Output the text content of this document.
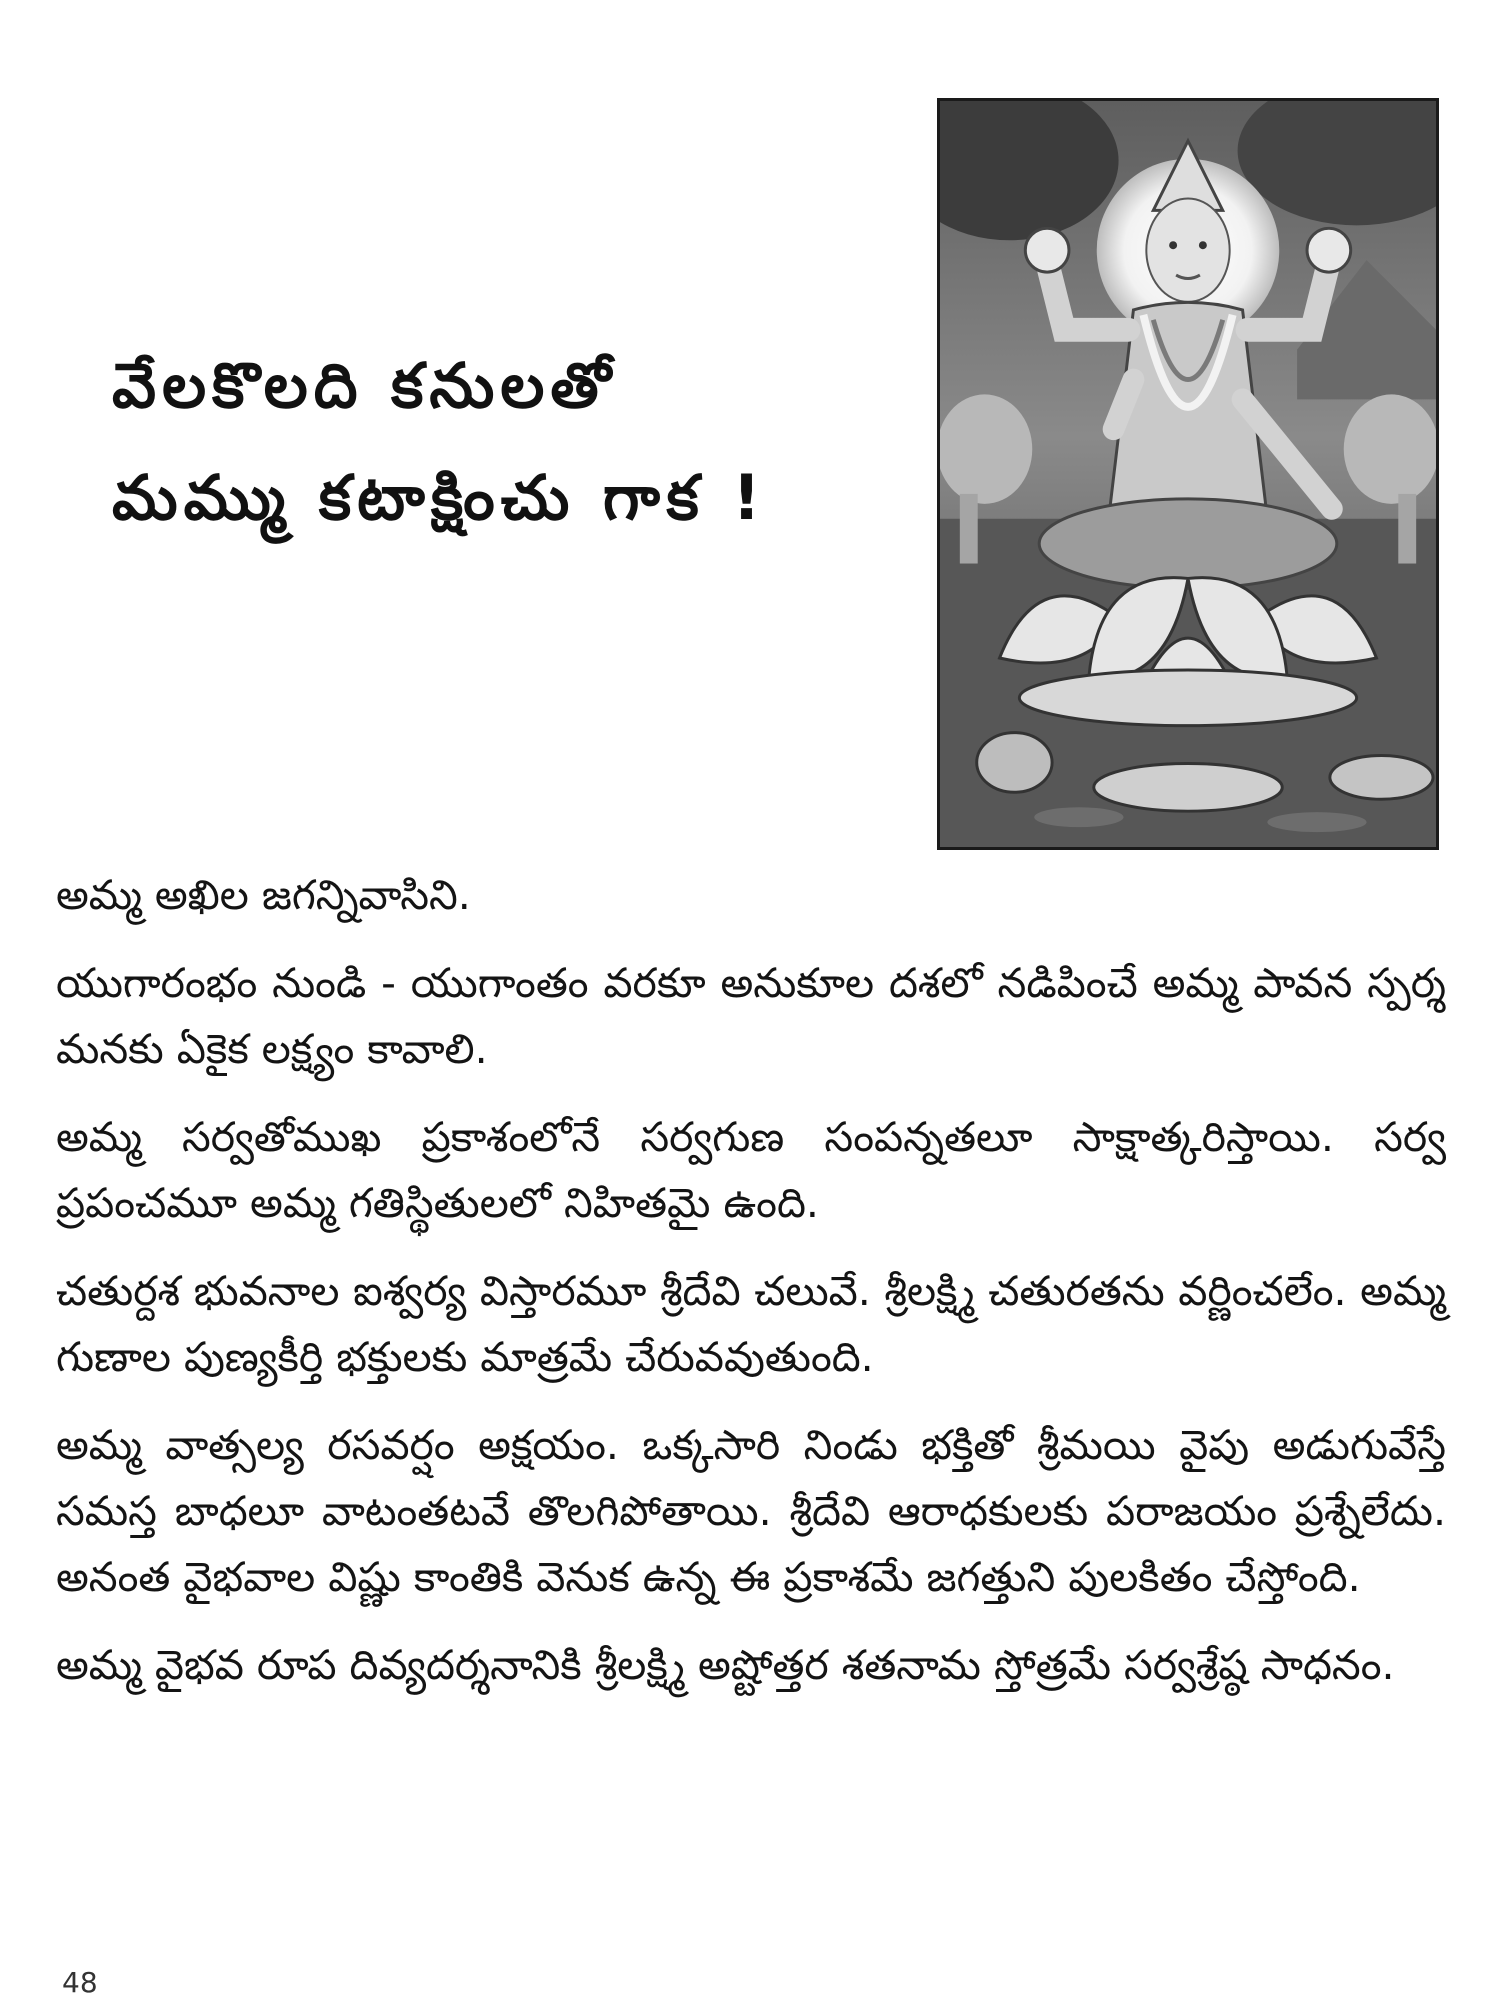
వేలకొలది కనులతో
మమ్ము కటాక్షించు గాక !

అమ్మ అఖిల జగన్నివాసిని.

యుగారంభం నుండి - యుగాంతం వరకూ అనుకూల దశలో నడిపించే అమ్మ పావన స్పర్శ మనకు ఏకైక లక్ష్యం కావాలి.

అమ్మ సర్వతోముఖ ప్రకాశంలోనే సర్వగుణ సంపన్నతలూ సాక్షాత్కరిస్తాయి. సర్వ ప్రపంచమూ అమ్మ గతిస్థితులలో నిహితమై ఉంది.

చతుర్దశ భువనాల ఐశ్వర్య విస్తారమూ శ్రీదేవి చలువే. శ్రీలక్ష్మి చతురతను వర్ణించలేం. అమ్మ గుణాల పుణ్యకీర్తి భక్తులకు మాత్రమే చేరువవుతుంది.

అమ్మ వాత్సల్య రసవర్షం అక్షయం. ఒక్కసారి నిండు భక్తితో శ్రీమయి వైపు అడుగువేస్తే సమస్త బాధలూ వాటంతటవే తొలగిపోతాయి. శ్రీదేవి ఆరాధకులకు పరాజయం ప్రశ్నేలేదు. అనంత వైభవాల విష్ణు కాంతికి వెనుక ఉన్న ఈ ప్రకాశమే జగత్తుని పులకితం చేస్తోంది.

అమ్మ వైభవ రూప దివ్యదర్శనానికి శ్రీలక్ష్మి అష్టోత్తర శతనామ స్తోత్రమే సర్వశ్రేష్ఠ సాధనం.

48
